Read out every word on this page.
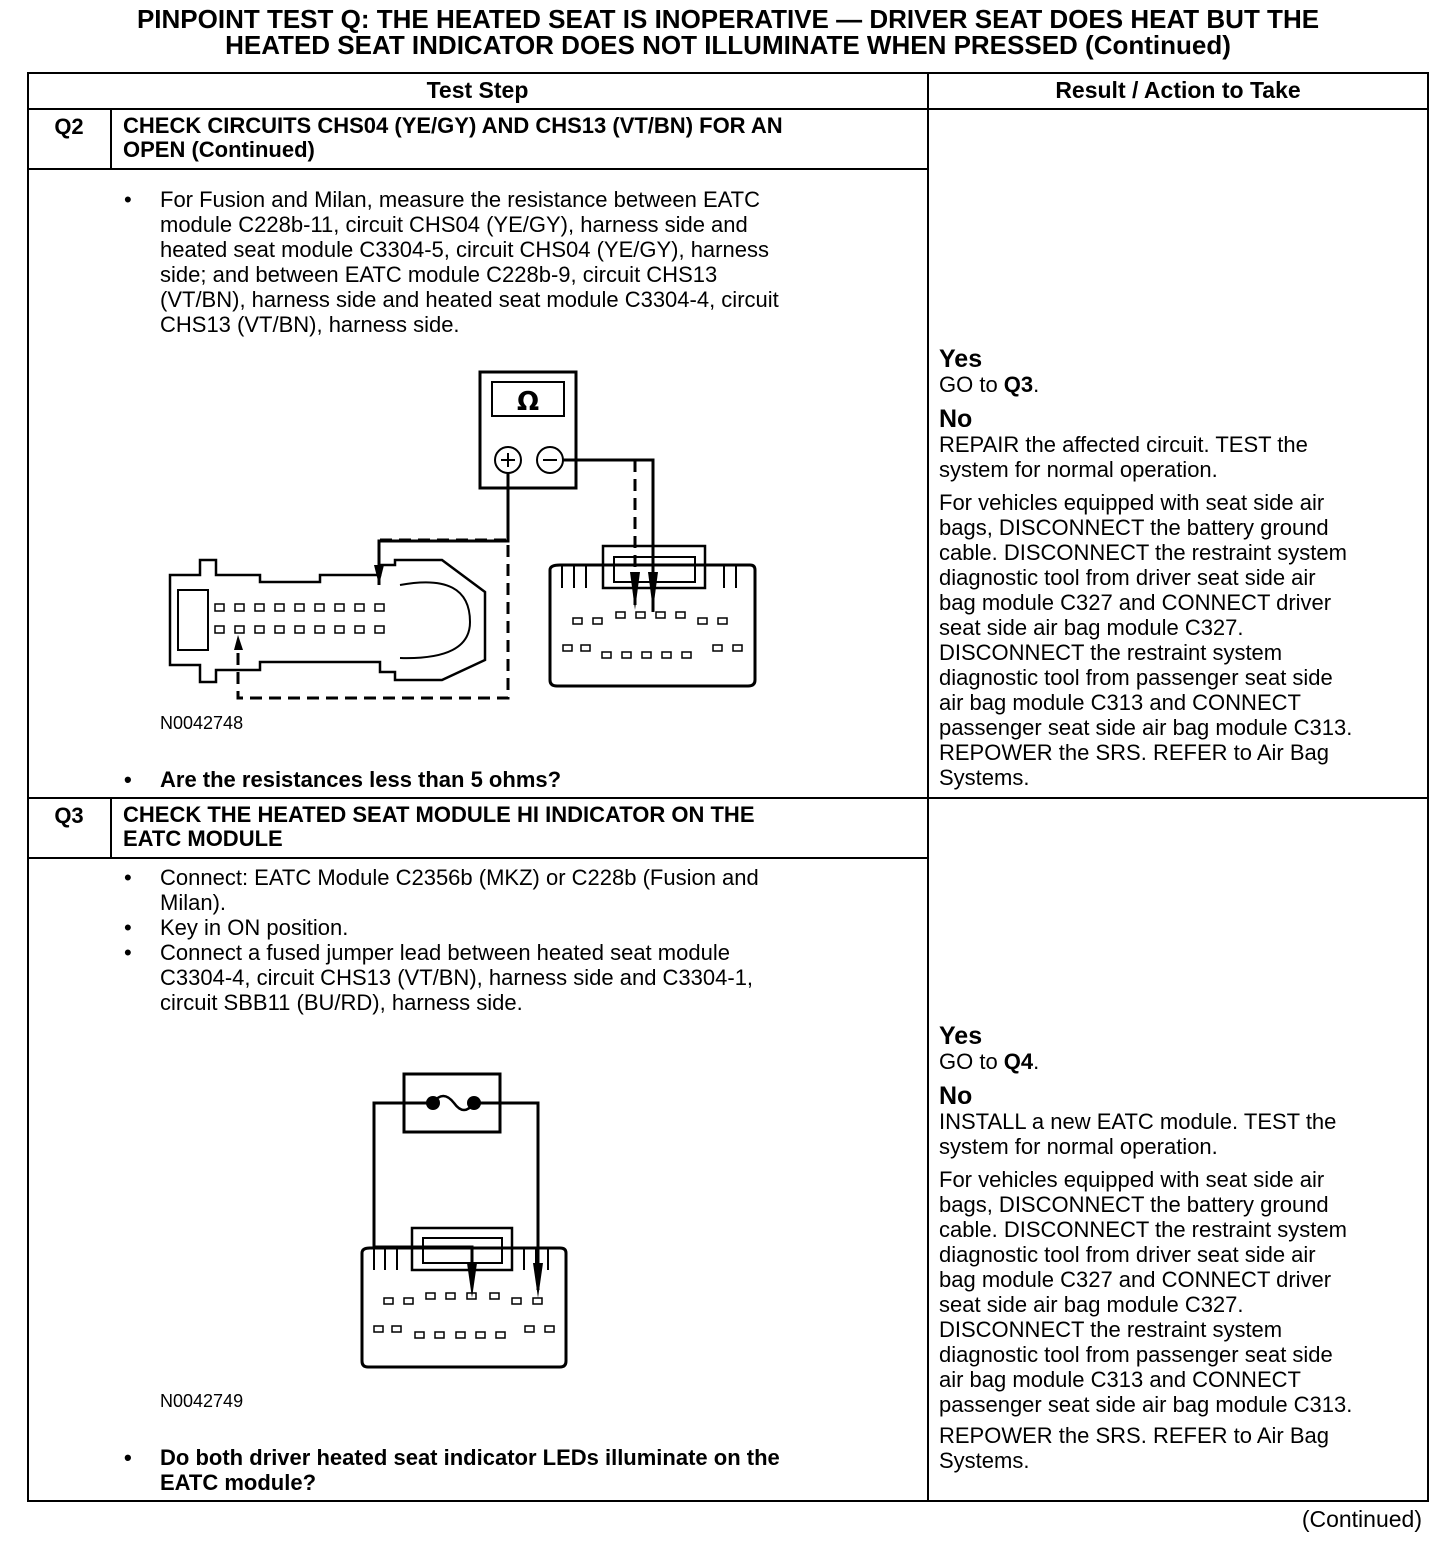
PINPOINT TEST Q: THE HEATED SEAT IS INOPERATIVE — DRIVER SEAT DOES HEAT BUT THE
HEATED SEAT INDICATOR DOES NOT ILLUMINATE WHEN PRESSED (Continued)
Test Step	Result / Action to Take
Q2	CHECK CIRCUITS CHS04 (YE/GY) AND CHS13 (VT/BN) FOR AN
OPEN (Continued)
• For Fusion and Milan, measure the resistance between EATC
module C228b-11, circuit CHS04 (YE/GY), harness side and
heated seat module C3304-5, circuit CHS04 (YE/GY), harness
side; and between EATC module C228b-9, circuit CHS13
(VT/BN), harness side and heated seat module C3304-4, circuit
CHS13 (VT/BN), harness side.
Ω
N0042748
• Are the resistances less than 5 ohms?
Yes

GO to Q3.

No

REPAIR the affected circuit. TEST the

system for normal operation.

For vehicles equipped with seat side air

bags, DISCONNECT the battery ground

cable. DISCONNECT the restraint system

diagnostic tool from driver seat side air

bag module C327 and CONNECT driver

seat side air bag module C327.

DISCONNECT the restraint system

diagnostic tool from passenger seat side

air bag module C313 and CONNECT

passenger seat side air bag module C313.

REPOWER the SRS. REFER to Air Bag

Systems.

Q3	CHECK THE HEATED SEAT MODULE HI INDICATOR ON THE
EATC MODULE
• Connect: EATC Module C2356b (MKZ) or C228b (Fusion and
Milan).
• Key in ON position.
• Connect a fused jumper lead between heated seat module
C3304-4, circuit CHS13 (VT/BN), harness side and C3304-1,
circuit SBB11 (BU/RD), harness side.
N0042749
• Do both driver heated seat indicator LEDs illuminate on the
EATC module?
Yes

GO to Q4.

No

INSTALL a new EATC module. TEST the

system for normal operation.

For vehicles equipped with seat side air

bags, DISCONNECT the battery ground

cable. DISCONNECT the restraint system

diagnostic tool from driver seat side air

bag module C327 and CONNECT driver

seat side air bag module C327.

DISCONNECT the restraint system

diagnostic tool from passenger seat side

air bag module C313 and CONNECT

passenger seat side air bag module C313.

REPOWER the SRS. REFER to Air Bag

Systems.

(Continued)
